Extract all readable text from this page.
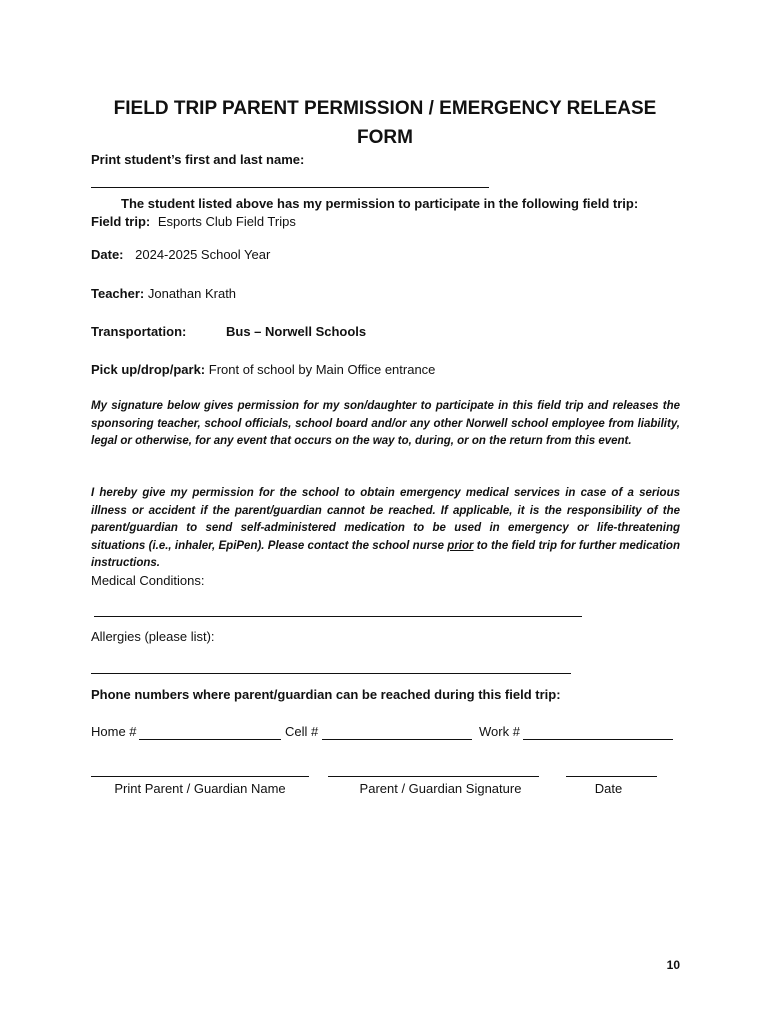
FIELD TRIP PARENT PERMISSION / EMERGENCY RELEASE FORM
Print student’s first and last name:
The student listed above has my permission to participate in the following field trip:
Field trip: Esports Club Field Trips
Date: 2024-2025 School Year
Teacher: Jonathan Krath
Transportation:	Bus – Norwell Schools
Pick up/drop/park: Front of school by Main Office entrance
My signature below gives permission for my son/daughter to participate in this field trip and releases the sponsoring teacher, school officials, school board and/or any other Norwell school employee from liability, legal or otherwise, for any event that occurs on the way to, during, or on the return from this event.
I hereby give my permission for the school to obtain emergency medical services in case of a serious illness or accident if the parent/guardian cannot be reached. If applicable, it is the responsibility of the parent/guardian to send self-administered medication to be used in emergency or life-threatening situations (i.e., inhaler, EpiPen). Please contact the school nurse prior to the field trip for further medication instructions.
Medical Conditions:
Allergies (please list):
Phone numbers where parent/guardian can be reached during this field trip:
Home #	Cell #	Work #
Print Parent / Guardian Name	Parent / Guardian Signature	Date
10
